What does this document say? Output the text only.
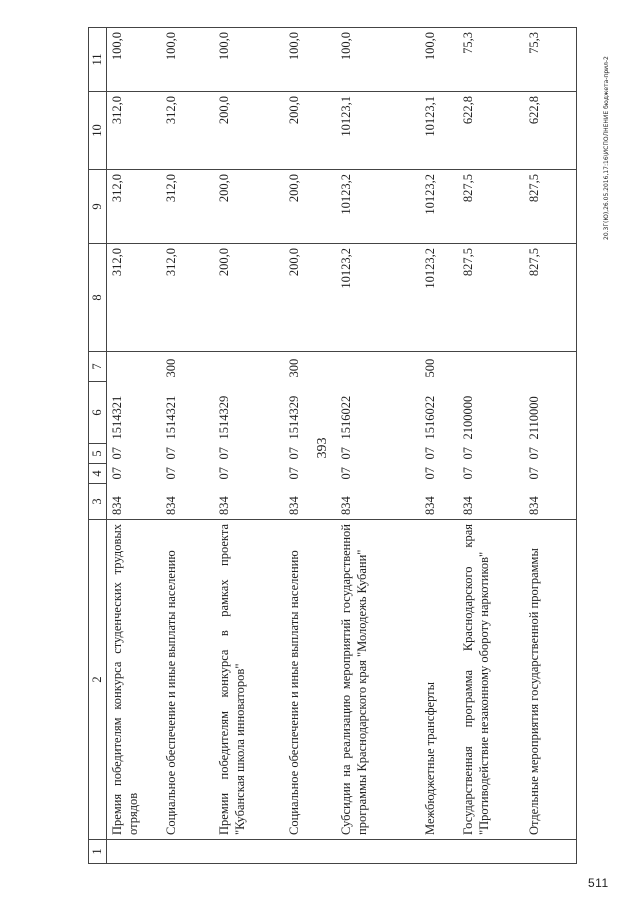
393
20.3Г(Ю),26.05.2016,17:16\ИСПОЛНЕНИЕ бюджета-прил-2
511
1	2	3	4	5	6	7	8	9	10	11
	Премия победителям конкурса студенческих трудовых отрядов	834	07	07	1514321		312,0	312,0	312,0	100,0
	Социальное обеспечение и иные выплаты населению	834	07	07	1514321	300	312,0	312,0	312,0	100,0
	Премии победителям конкурса в рамках проекта "Кубанская школа инноваторов"	834	07	07	1514329		200,0	200,0	200,0	100,0
	Социальное обеспечение и иные выплаты населению	834	07	07	1514329	300	200,0	200,0	200,0	100,0
	Субсидии на реализацию мероприятий государственной программы Краснодарского края "Молодежь Кубани"	834	07	07	1516022		10123,2	10123,2	10123,1	100,0
	Межбюджетные трансферты	834	07	07	1516022	500	10123,2	10123,2	10123,1	100,0
	Государственная программа Краснодарского края "Противодействие незаконному обороту наркотиков"	834	07	07	2100000		827,5	827,5	622,8	75,3
	Отдельные мероприятия государственной программы	834	07	07	2110000		827,5	827,5	622,8	75,3
